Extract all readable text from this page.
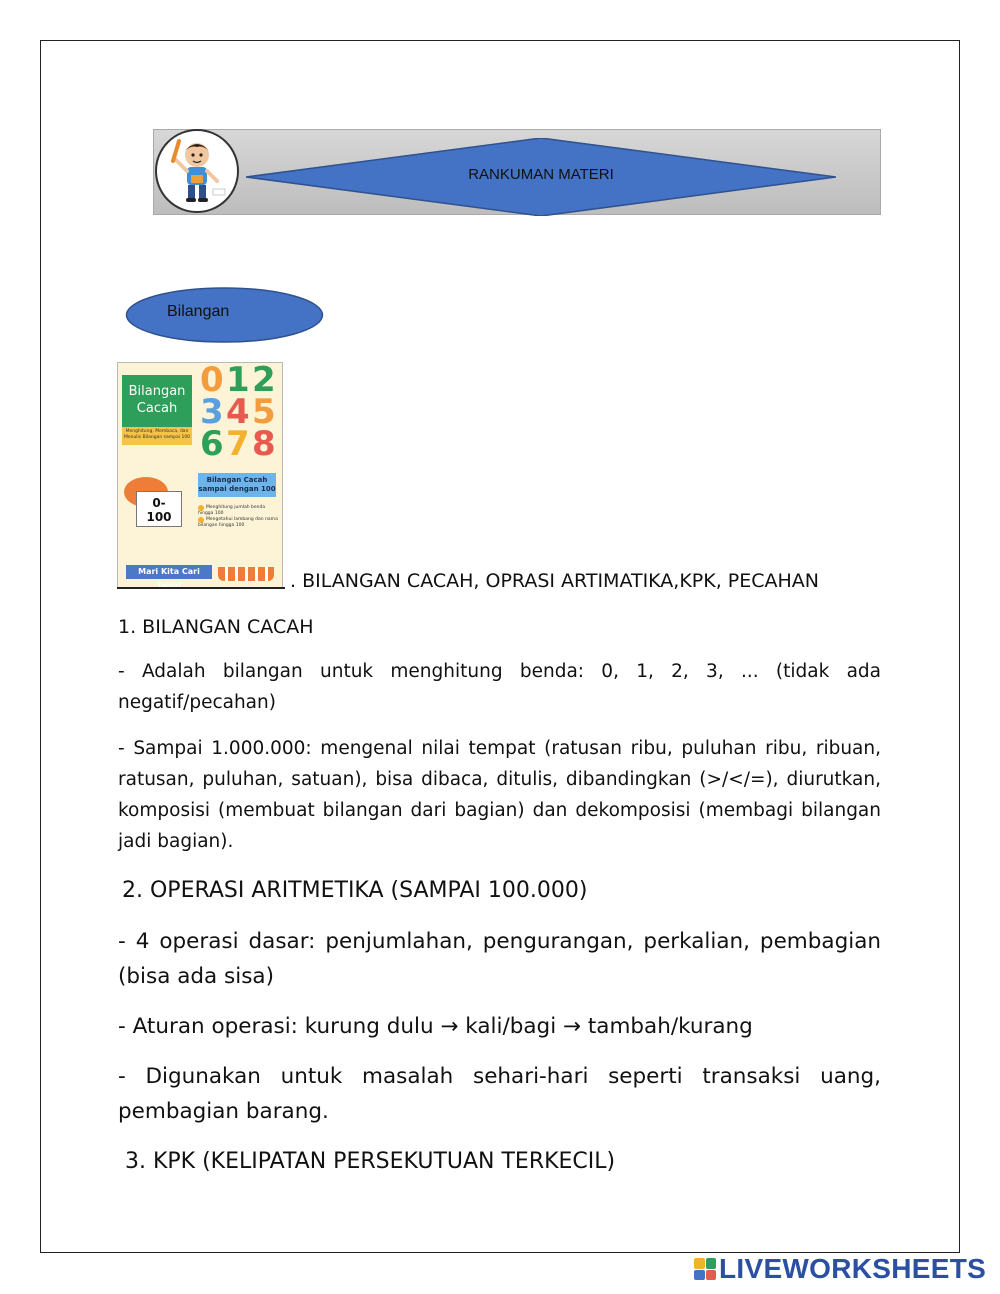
RANKUMAN MATERI
Bilangan
Bilangan
Cacah
Menghitung, Membaca, dan Menulis Bilangan sampai 100
0 1 2
3 4 5
6 7 8
Bilangan Cacah sampai dengan 100
0-
100
Menghitung jumlah benda hingga 100
Mengetahui lambang dan nama bilangan hingga 100
Mari Kita Cari Tahu!	. BILANGAN CACAH, OPRASI ARTIMATIKA,KPK, PECAHAN
1. BILANGAN CACAH
- Adalah bilangan untuk menghitung benda: 0, 1, 2, 3, ... (tidak ada negatif/pecahan)
- Sampai 1.000.000: mengenal nilai tempat (ratusan ribu, puluhan ribu, ribuan, ratusan, puluhan, satuan), bisa dibaca, ditulis, dibandingkan (>/</=), diurutkan, komposisi (membuat bilangan dari bagian) dan dekomposisi (membagi bilangan jadi bagian).
2. OPERASI ARITMETIKA (SAMPAI 100.000)
- 4 operasi dasar: penjumlahan, pengurangan, perkalian, pembagian (bisa ada sisa)
- Aturan operasi: kurung dulu → kali/bagi → tambah/kurang
- Digunakan untuk masalah sehari-hari seperti transaksi uang, pembagian barang.
3. KPK (KELIPATAN PERSEKUTUAN TERKECIL)
LIVEWORKSHEETS
